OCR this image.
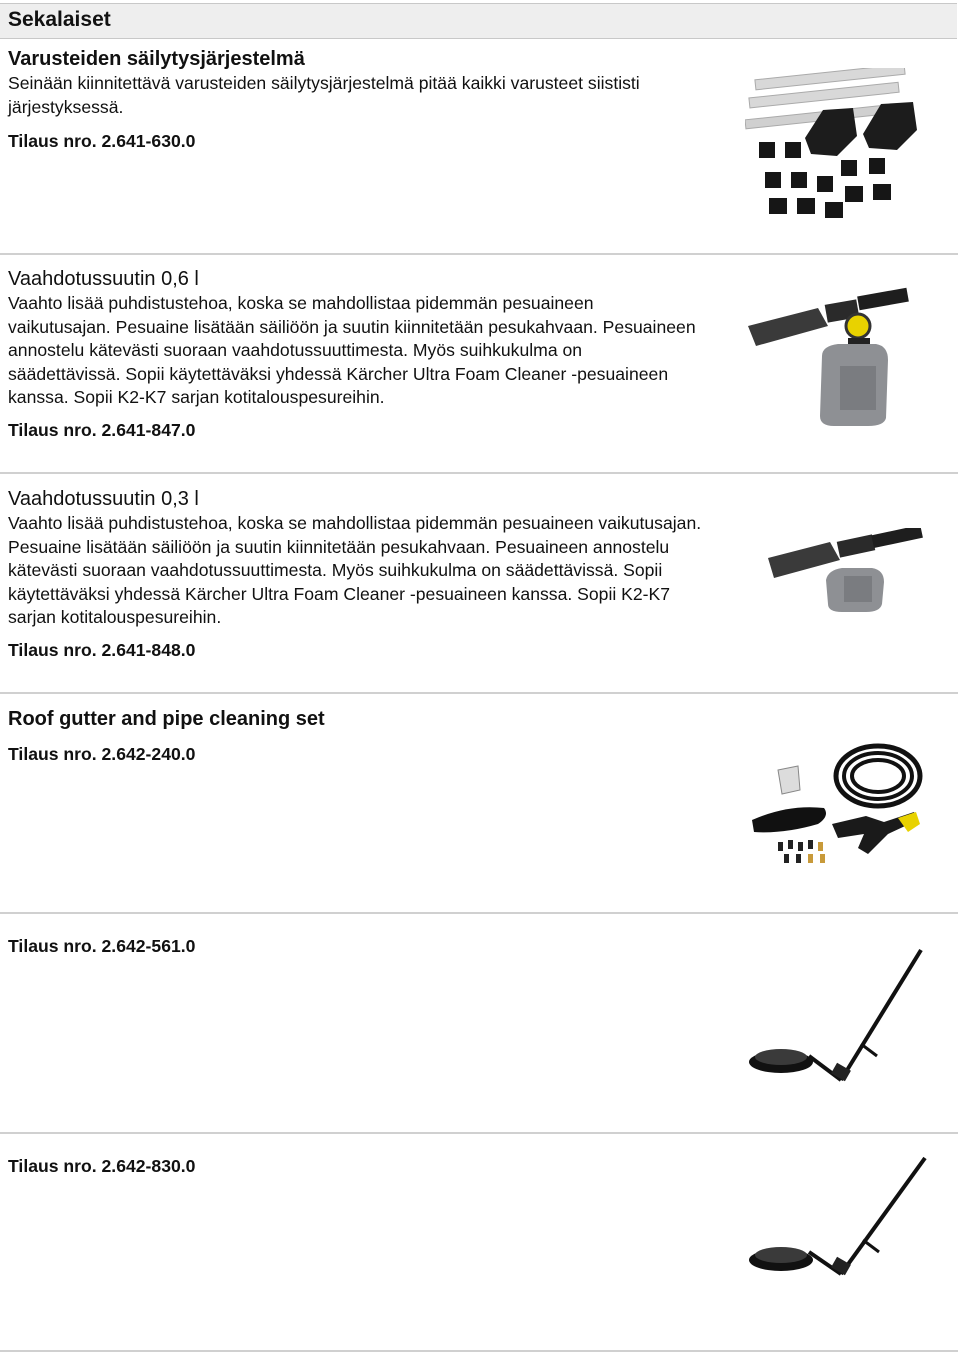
Sekalaiset

Varusteiden säilytysjärjestelmä

Seinään kiinnitettävä varusteiden säilytysjärjestelmä pitää kaikki varusteet siististi järjestyksessä.

Tilaus nro. 2.641-630.0

Vaahdotussuutin 0,6 l

Vaahto lisää puhdistustehoa, koska se mahdollistaa pidemmän pesuaineen vaikutusajan. Pesuaine lisätään säiliöön ja suutin kiinnitetään pesukahvaan. Pesuaineen annostelu kätevästi suoraan vaahdotussuuttimesta. Myös suihkukulma on säädettävissä. Sopii käytettäväksi yhdessä Kärcher Ultra Foam Cleaner -pesuaineen kanssa. Sopii K2-K7 sarjan kotitalouspesureihin.

Tilaus nro. 2.641-847.0

Vaahdotussuutin 0,3 l

Vaahto lisää puhdistustehoa, koska se mahdollistaa pidemmän pesuaineen vaikutusajan. Pesuaine lisätään säiliöön ja suutin kiinnitetään pesukahvaan. Pesuaineen annostelu kätevästi suoraan vaahdotussuuttimesta. Myös suihkukulma on säädettävissä. Sopii käytettäväksi yhdessä Kärcher Ultra Foam Cleaner -pesuaineen kanssa. Sopii K2-K7 sarjan kotitalouspesureihin.

Tilaus nro. 2.641-848.0

Roof gutter and pipe cleaning set

Tilaus nro. 2.642-240.0

Tilaus nro. 2.642-561.0

Tilaus nro. 2.642-830.0
